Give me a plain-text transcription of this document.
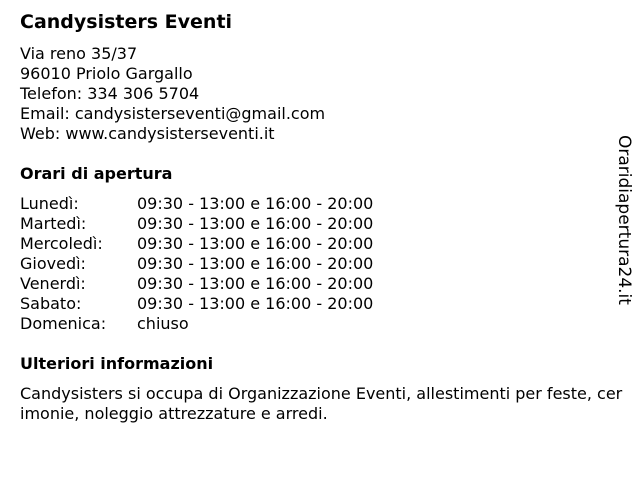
Candysisters Eventi
Via reno 35/37
96010 Priolo Gargallo
Telefon: 334 306 5704
Email: candysisterseventi@gmail.com
Web: www.candysisterseventi.it
Orari di apertura
Lunedì:	09:30 - 13:00 e 16:00 - 20:00
Martedì:	09:30 - 13:00 e 16:00 - 20:00
Mercoledì: 09:30 - 13:00 e 16:00 - 20:00
Giovedì:	09:30 - 13:00 e 16:00 - 20:00
Venerdì:	09:30 - 13:00 e 16:00 - 20:00
Sabato:	09:30 - 13:00 e 16:00 - 20:00
Domenica: chiuso
Ulteriori informazioni
Candysisters si occupa di Organizzazione Eventi, allestimenti per feste, cerimonie, noleggio attrezzature e arredi.
Oraridiapertura24.it
